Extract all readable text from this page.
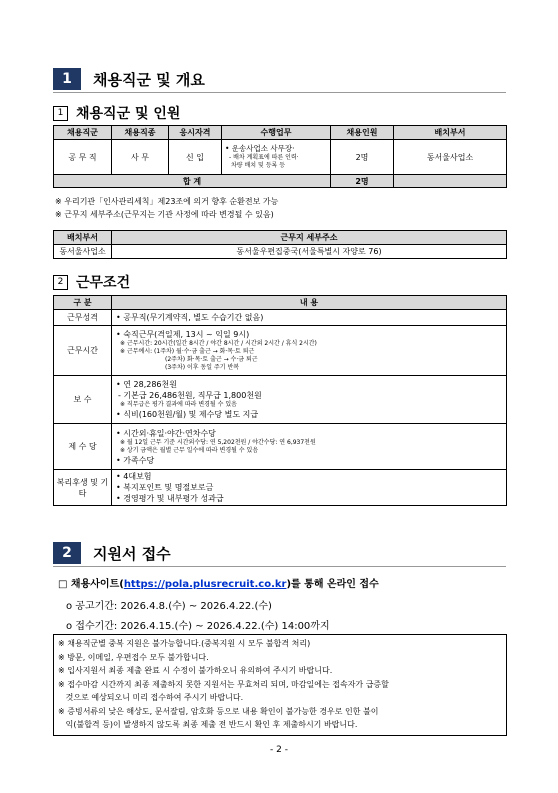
1	채용직군 및 개요
1 채용직군 및 인원
채용직군	채용직종	응시자격	수행업무	채용인원	배치부서
공 무 직	사 무	신 입	• 운송사업소 사무장·
- 배차 계획표에 따른 인력·
차량 배치 및 등록 등	2명	동서울사업소
합 계				2명	
※ 우리기관「인사관리세칙」제23조에 의거 향후 순환전보 가능
※ 근무지 세부주소(근무지는 기관 사정에 따라 변경될 수 있음)
배치부서	근무지 세부주소
동서울사업소	동서울우편집중국(서울특별시 자양로 76)
2 근무조건
구 분	내 용
근무성격	• 공무직(무기계약직, 별도 수습기간 없음)

근무시간	• 숙직근무(격일제, 13시 ~ 익일 9시)
※ 근무시간: 20시간(일간 8시간 / 야간 8시간 / 시간외 2시간 / 휴식 2시간)
※ 근무예시: (1주차) 월·수·금 출근 → 화·목·토 퇴근
(2주차) 화·목·토 출근 → 수·금 퇴근
(3주차) 이후 동일 주기 반복

보 수	• 연 28,286천원
- 기본급 26,486천원, 직무급 1,800천원
※ 직무급은 평가 결과에 따라 변경될 수 있음
• 식비(160천원/월) 및 제수당 별도 지급

제 수 당	• 시간외·휴일·야간·연차수당
※ 월 12일 근무 기준 시간외수당: 연 5,202천원 / 야간수당: 연 6,937천원
※ 상기 금액은 월별 근무 일수에 따라 변경될 수 있음
• 가족수당

복리후생 및 기타	• 4대보험
• 복지포인트 및 명절보로금
• 경영평가 및 내부평가 성과급
2	지원서 접수
□ 채용사이트(https://pola.plusrecruit.co.kr)를 통해 온라인 접수
ο 공고기간: 2026.4.8.(수) ~ 2026.4.22.(수)
ο 접수기간: 2026.4.15.(수) ~ 2026.4.22.(수) 14:00까지
※ 채용직군별 중복 지원은 불가능합니다.(중복지원 시 모두 불합격 처리)
※ 방문, 이메일, 우편접수 모두 불가합니다.
※ 입사지원서 최종 제출 완료 시 수정이 불가하오니 유의하여 주시기 바랍니다.
※ 접수마감 시간까지 최종 제출하지 못한 지원서는 무효처리 되며, 마감일에는 접속자가 급증할
것으로 예상되오니 미리 접수하여 주시기 바랍니다.
※ 증빙서류의 낮은 해상도, 문서잘림, 암호화 등으로 내용 확인이 불가능한 경우로 인한 불이
익(불합격 등)이 발생하지 않도록 최종 제출 전 반드시 확인 후 제출하시기 바랍니다.
- 2 -
